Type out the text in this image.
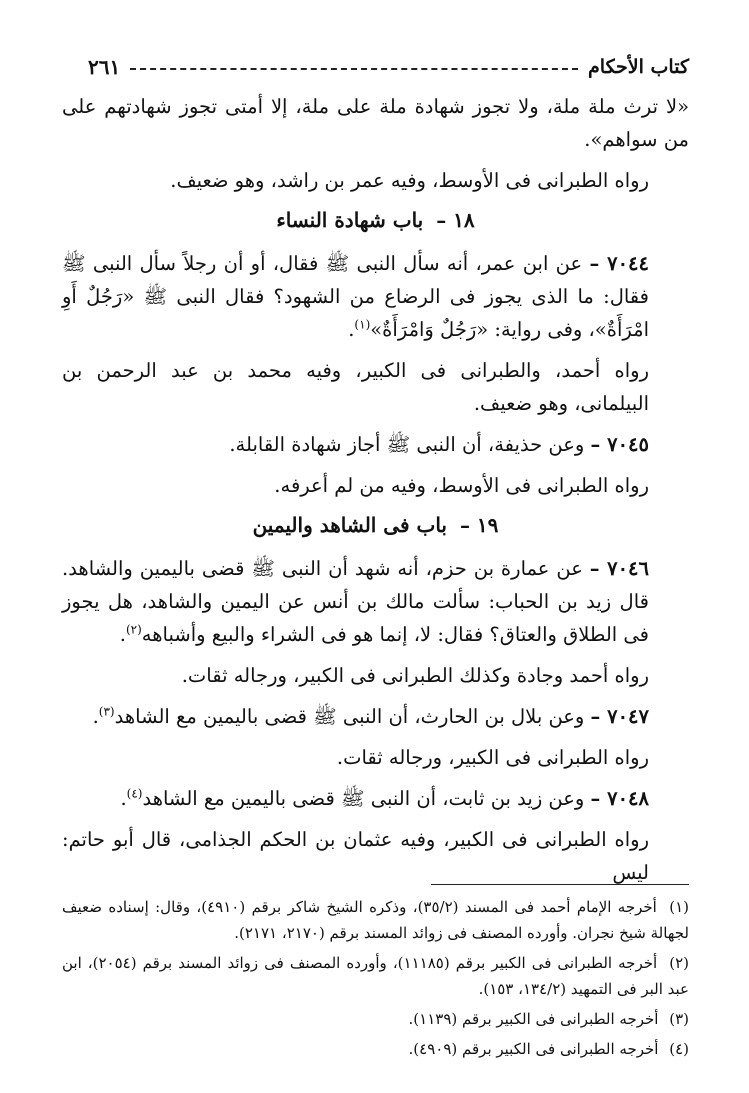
كتاب الأحكام
٢٦١

«لا ترث ملة ملة، ولا تجوز شهادة ملة على ملة، إلا أمتى تجوز شهادتهم على من سواهم».

رواه الطبرانى فى الأوسط، وفيه عمر بن راشد، وهو ضعيف.

١٨ – باب شهادة النساء

٧٠٤٤ – عن ابن عمر، أنه سأل النبى ﷺ فقال، أو أن رجلاً سأل النبى ﷺ فقال: ما الذى يجوز فى الرضاع من الشهود؟ فقال النبى ﷺ «رَجُلٌ أَوِ امْرَأَةٌ»، وفى رواية: «رَجُلٌ وَامْرَأَةٌ»$^{(١)}$.

رواه أحمد، والطبرانى فى الكبير، وفيه محمد بن عبد الرحمن بن البيلمانى، وهو ضعيف.

٧٠٤٥ – وعن حذيفة، أن النبى ﷺ أجاز شهادة القابلة.

رواه الطبرانى فى الأوسط، وفيه من لم أعرفه.

١٩ – باب فى الشاهد واليمين

٧٠٤٦ – عن عمارة بن حزم، أنه شهد أن النبى ﷺ قضى باليمين والشاهد. قال زيد بن الحباب: سألت مالك بن أنس عن اليمين والشاهد، هل يجوز فى الطلاق والعتاق؟ فقال: لا، إنما هو فى الشراء والبيع وأشباهه$^{(٢)}$.

رواه أحمد وجادة وكذلك الطبرانى فى الكبير، ورجاله ثقات.

٧٠٤٧ – وعن بلال بن الحارث، أن النبى ﷺ قضى باليمين مع الشاهد$^{(٣)}$.

رواه الطبرانى فى الكبير، ورجاله ثقات.

٧٠٤٨ – وعن زيد بن ثابت، أن النبى ﷺ قضى باليمين مع الشاهد$^{(٤)}$.

رواه الطبرانى فى الكبير، وفيه عثمان بن الحكم الجذامى، قال أبو حاتم: ليس

(١) أخرجه الإمام أحمد فى المسند (٣٥/٢)، وذكره الشيخ شاكر برقم (٤٩١٠)، وقال: إسناده ضعيف لجهالة شيخ نجران. وأورده المصنف فى زوائد المسند برقم (٢١٧٠، ٢١٧١).

(٢) أخرجه الطبرانى فى الكبير برقم (١١١٨٥)، وأورده المصنف فى زوائد المسند برقم (٢٠٥٤)، ابن عبد البر فى التمهيد (١٣٤/٢، ١٥٣).

(٣) أخرجه الطبرانى فى الكبير برقم (١١٣٩).

(٤) أخرجه الطبرانى فى الكبير برقم (٤٩٠٩).
